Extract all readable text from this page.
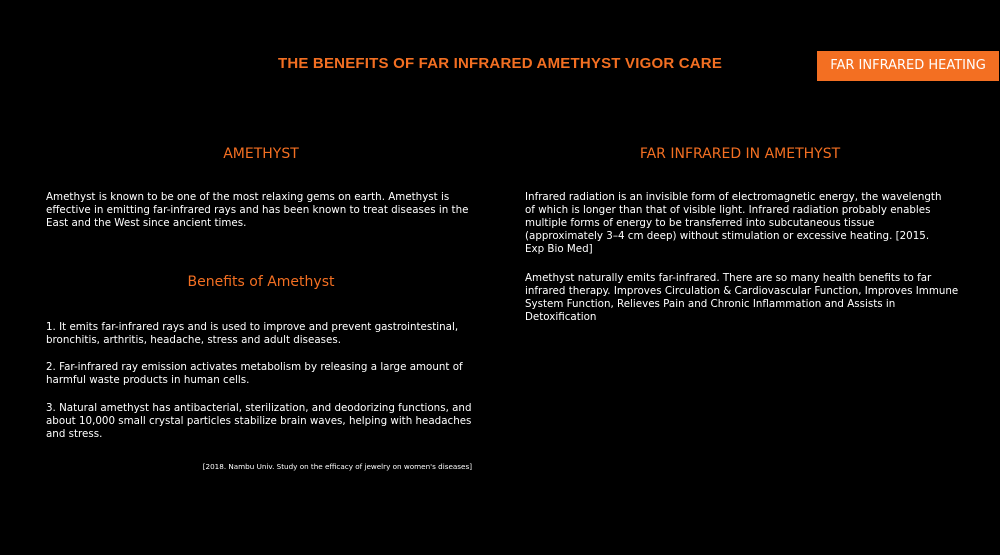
THE BENEFITS OF FAR INFRARED AMETHYST VIGOR CARE	FAR INFRARED HEATING
AMETHYST

Amethyst is known to be one of the most relaxing gems on earth. Amethyst is effective in emitting far-infrared rays and has been known to treat diseases in the East and the West since ancient times.

Benefits of Amethyst

1. It emits far-infrared rays and is used to improve and prevent gastrointestinal, bronchitis, arthritis, headache, stress and adult diseases.

2. Far-infrared ray emission activates metabolism by releasing a large amount of harmful waste products in human cells.

3. Natural amethyst has antibacterial, sterilization, and deodorizing functions, and about 10,000 small crystal particles stabilize brain waves, helping with headaches and stress.

[2018. Nambu Univ. Study on the efficacy of jewelry on women's diseases]
FAR INFRARED IN AMETHYST

Infrared radiation is an invisible form of electromagnetic energy, the wavelength of which is longer than that of visible light. Infrared radiation probably enables multiple forms of energy to be transferred into subcutaneous tissue (approximately 3–4 cm deep) without stimulation or excessive heating. [2015. Exp Bio Med]

Amethyst naturally emits far-infrared. There are so many health benefits to far infrared therapy. Improves Circulation & Cardiovascular Function, Improves Immune System Function, Relieves Pain and Chronic Inflammation and Assists in Detoxification
